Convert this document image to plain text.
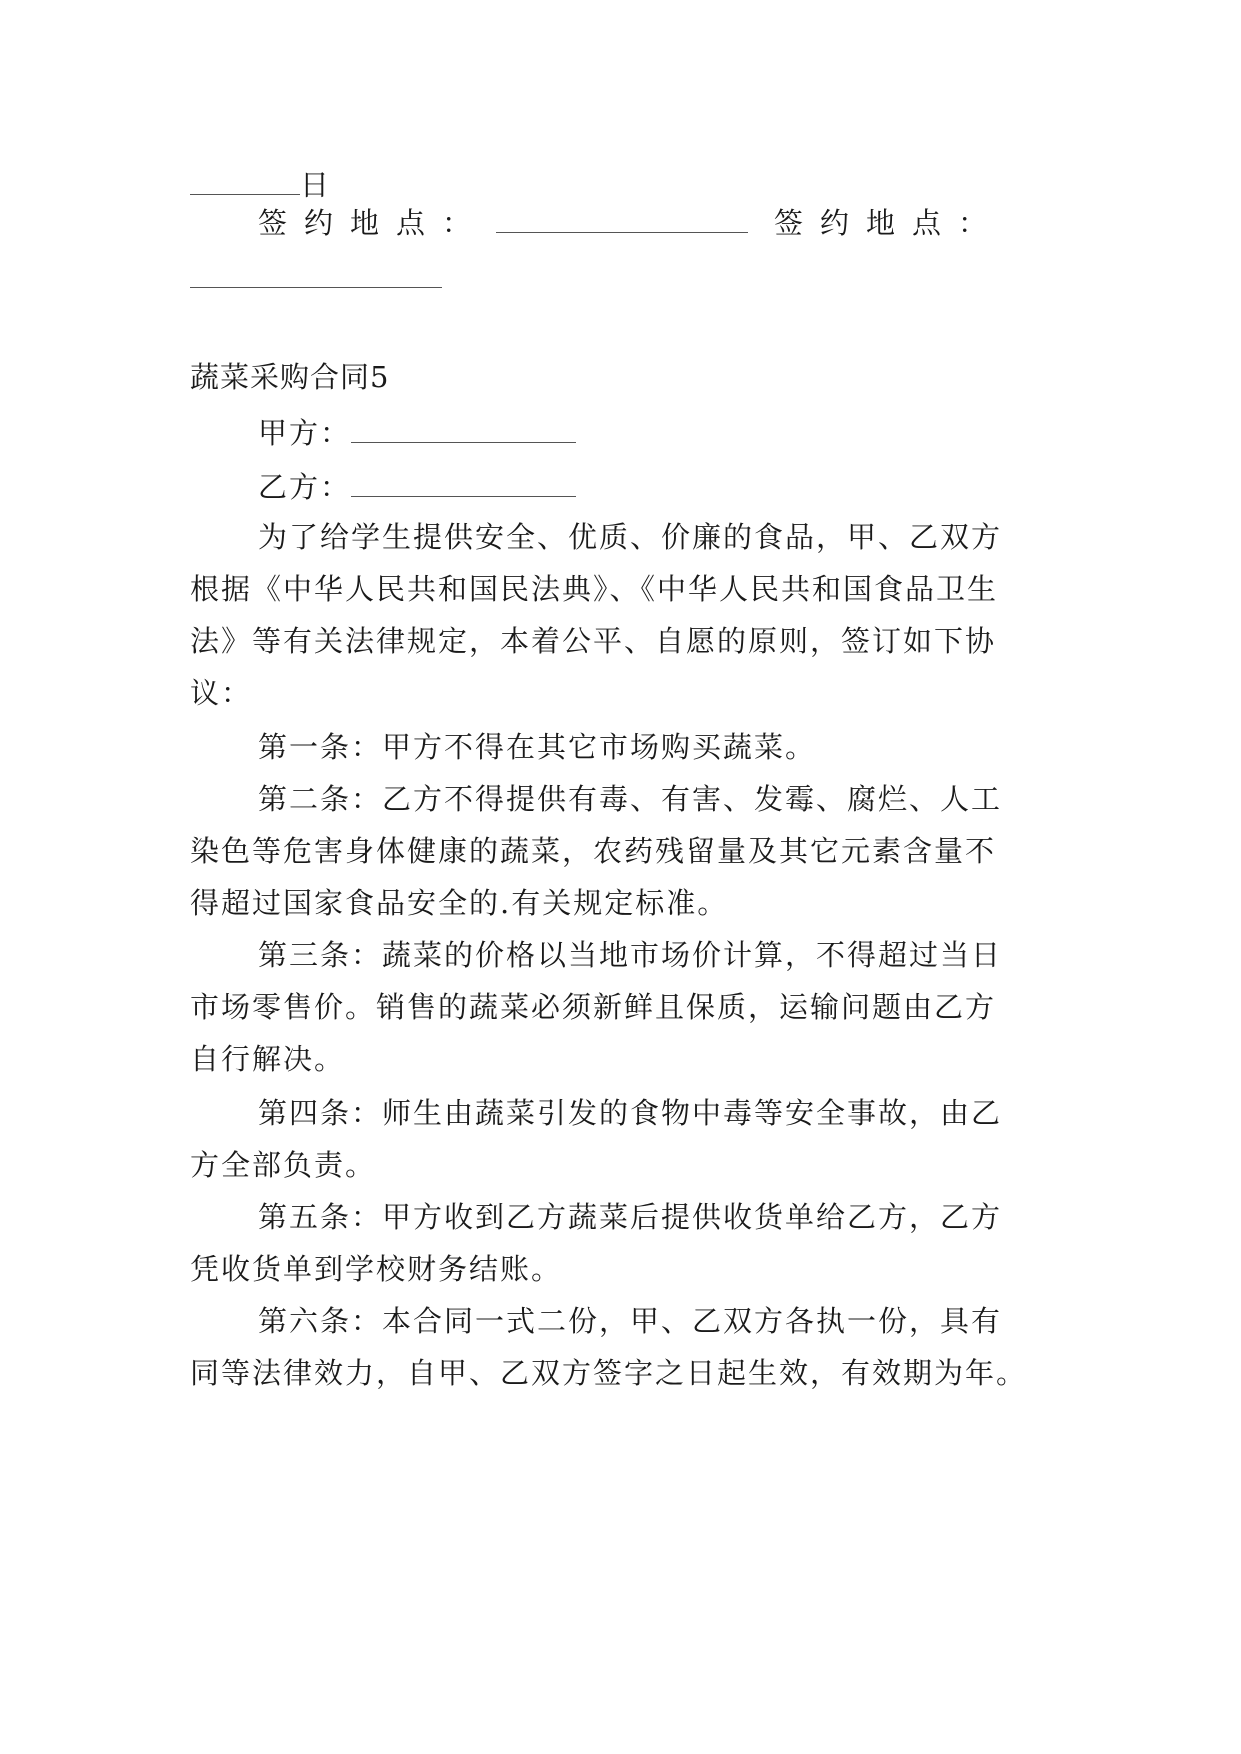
日
签约地点：	签约地点：
蔬菜采购合同5
甲方：
乙方：
为了给学生提供安全、优质、价廉的食品，甲、乙双方
根据《中华人民共和国民法典》、《中华人民共和国食品卫生
法》等有关法律规定，本着公平、自愿的原则，签订如下协
议：
第一条：甲方不得在其它市场购买蔬菜。
第二条：乙方不得提供有毒、有害、发霉、腐烂、人工
染色等危害身体健康的蔬菜，农药残留量及其它元素含量不
得超过国家食品安全的.有关规定标准。
第三条：蔬菜的价格以当地市场价计算，不得超过当日
市场零售价。销售的蔬菜必须新鲜且保质，运输问题由乙方
自行解决。
第四条：师生由蔬菜引发的食物中毒等安全事故，由乙
方全部负责。
第五条：甲方收到乙方蔬菜后提供收货单给乙方，乙方
凭收货单到学校财务结账。
第六条：本合同一式二份，甲、乙双方各执一份，具有
同等法律效力，自甲、乙双方签字之日起生效，有效期为年。
